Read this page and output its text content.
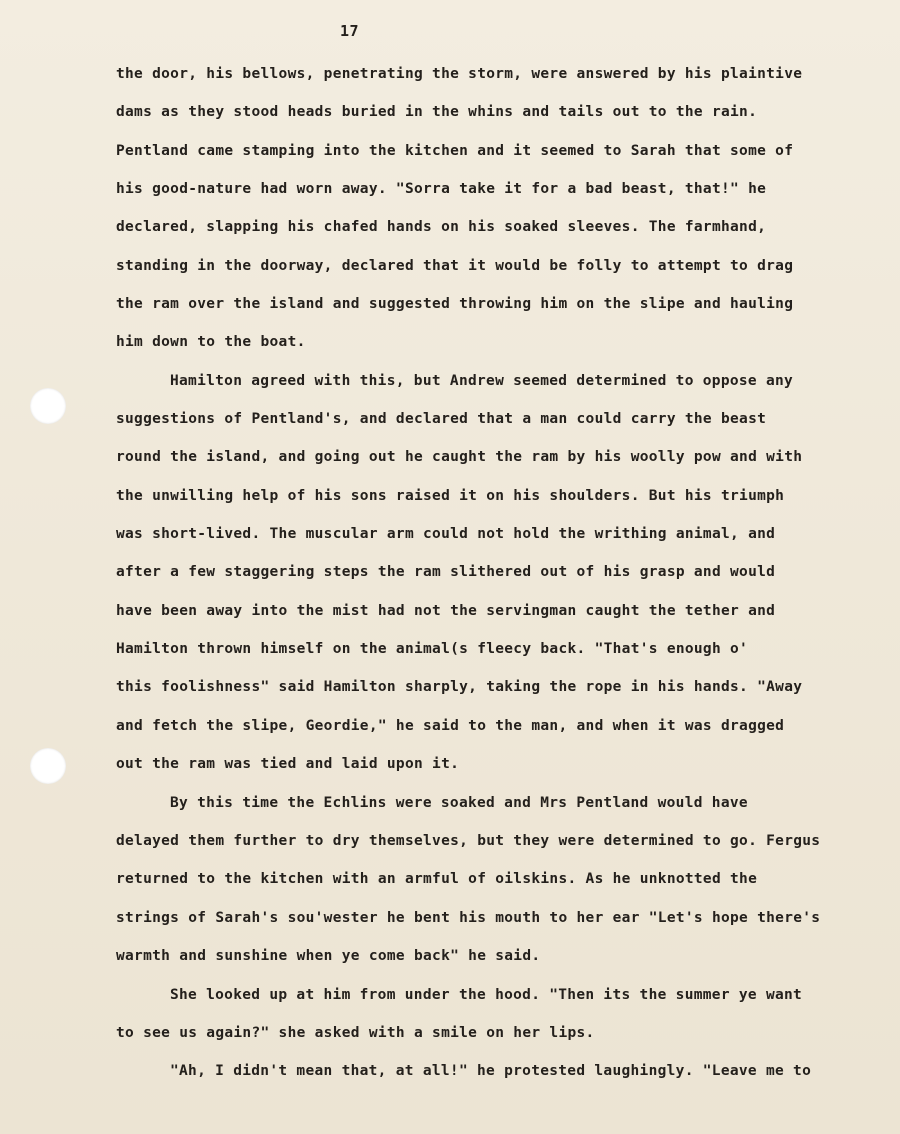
17
the door, his bellows, penetrating the storm, were answered by his plaintive
dams as they stood heads buried in the whins and tails out to the rain.
Pentland came stamping into the kitchen and it seemed to Sarah that some of
his good-nature had worn away. "Sorra take it for a bad beast, that!" he
declared, slapping his chafed hands on his soaked sleeves. The farmhand,
standing in the doorway, declared that it would be folly to attempt to drag
the ram over the island and suggested throwing him on the slipe and hauling
him down to the boat.
Hamilton agreed with this, but Andrew seemed determined to oppose any
suggestions of Pentland's, and declared that a man could carry the beast
round the island, and going out he caught the ram by his woolly pow and with
the unwilling help of his sons raised it on his shoulders. But his triumph
was short-lived. The muscular arm could not hold the writhing animal, and
after a few staggering steps the ram slithered out of his grasp and would
have been away into the mist had not the servingman caught the tether and
Hamilton thrown himself on the animal(s fleecy back. "That's enough o'
this foolishness" said Hamilton sharply, taking the rope in his hands. "Away
and fetch the slipe, Geordie," he said to the man, and when it was dragged
out the ram was tied and laid upon it.
By this time the Echlins were soaked and Mrs Pentland would have
delayed them further to dry themselves, but they were determined to go. Fergus
returned to the kitchen with an armful of oilskins. As he unknotted the
strings of Sarah's sou'wester he bent his mouth to her ear "Let's hope there's
warmth and sunshine when ye come back" he said.
She looked up at him from under the hood. "Then its the summer ye want
to see us again?" she asked with a smile on her lips.
"Ah, I didn't mean that, at all!" he protested laughingly. "Leave me to
